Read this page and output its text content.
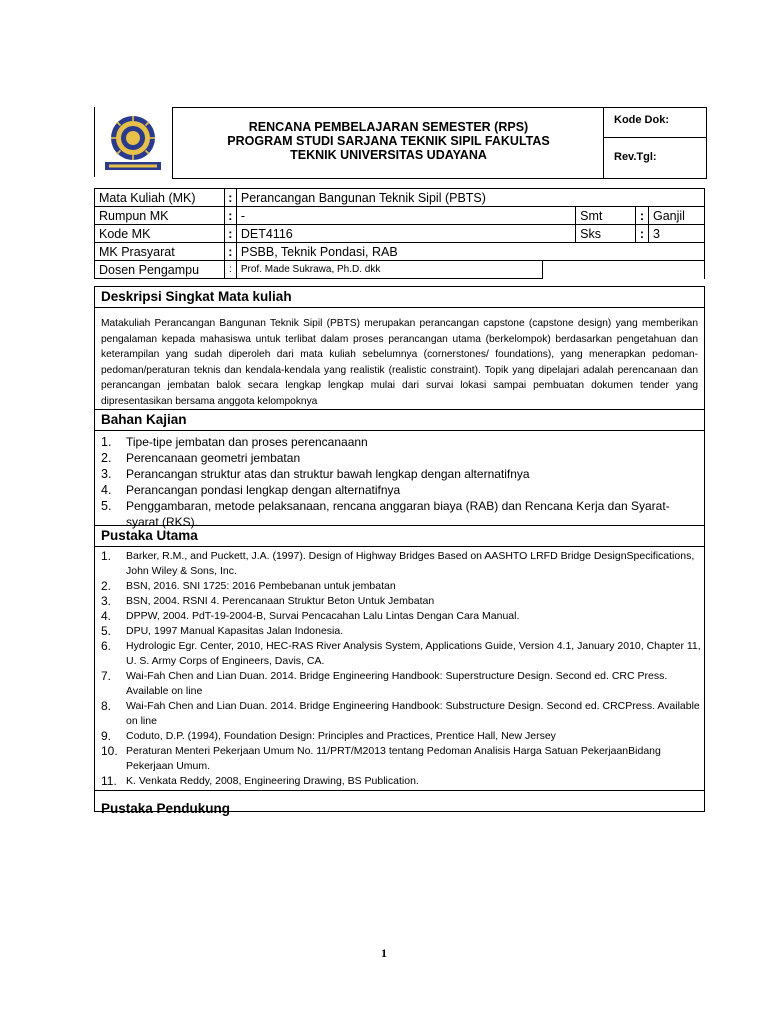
RENCANA PEMBELAJARAN SEMESTER (RPS)
PROGRAM STUDI SARJANA TEKNIK SIPIL FAKULTAS
TEKNIK UNIVERSITAS UDAYANA
Kode Dok:
Rev.Tgl:
Mata Kuliah (MK)	:	Perancangan Bangunan Teknik Sipil (PBTS)				
Rumpun MK	:	-		Smt	:	Ganjil
Kode MK	:	DET4116		Sks	:	3
MK Prasyarat	:	PSBB, Teknik Pondasi, RAB				
Dosen Pengampu	:	Prof. Made Sukrawa, Ph.D. dkk				
Deskripsi Singkat Mata kuliah
Matakuliah Perancangan Bangunan Teknik Sipil (PBTS) merupakan perancangan capstone (capstone design) yang memberikan pengalaman kepada mahasiswa untuk terlibat dalam proses perancangan utama (berkelompok) berdasarkan pengetahuan dan keterampilan yang sudah diperoleh dari mata kuliah sebelumnya (cornerstones/ foundations), yang menerapkan pedoman-pedoman/peraturan teknis dan kendala-kendala yang realistik (realistic constraint). Topik yang dipelajari adalah perencanaan dan perancangan jembatan balok secara lengkap lengkap mulai dari survai lokasi sampai pembuatan dokumen tender yang dipresentasikan bersama anggota kelompoknya
Bahan Kajian
1.	Tipe-tipe jembatan dan proses perencanaann
2.	Perencanaan geometri jembatan
3.	Perancangan struktur atas dan struktur bawah lengkap dengan alternatifnya
4.	Perancangan pondasi lengkap dengan alternatifnya
5.	Penggambaran, metode pelaksanaan, rencana anggaran biaya (RAB) dan Rencana Kerja dan Syarat- syarat (RKS).
Pustaka Utama
1.	Barker, R.M., and Puckett, J.A. (1997). Design of Highway Bridges Based on AASHTO LRFD Bridge DesignSpecifications, John Wiley & Sons, Inc.
2.	BSN, 2016. SNI 1725: 2016 Pembebanan untuk jembatan
3.	BSN, 2004. RSNI 4. Perencanaan Struktur Beton Untuk Jembatan
4.	DPPW, 2004. PdT-19-2004-B, Survai Pencacahan Lalu Lintas Dengan Cara Manual.
5.	DPU, 1997 Manual Kapasitas Jalan Indonesia.
6.	Hydrologic Egr. Center, 2010, HEC-RAS River Analysis System, Applications Guide, Version 4.1, January 2010, Chapter 11, U. S. Army Corps of Engineers, Davis, CA.
7.	Wai-Fah Chen and Lian Duan. 2014. Bridge Engineering Handbook: Superstructure Design. Second ed. CRC Press. Available on line
8.	Wai-Fah Chen and Lian Duan. 2014. Bridge Engineering Handbook: Substructure Design. Second ed. CRCPress. Available on line
9.	Coduto, D.P. (1994), Foundation Design: Principles and Practices, Prentice Hall, New Jersey
10. Peraturan Menteri Pekerjaan Umum No. 11/PRT/M2013 tentang Pedoman Analisis Harga Satuan PekerjaanBidang Pekerjaan Umum.
11. K. Venkata Reddy, 2008, Engineering Drawing, BS Publication.
Pustaka Pendukung
1
